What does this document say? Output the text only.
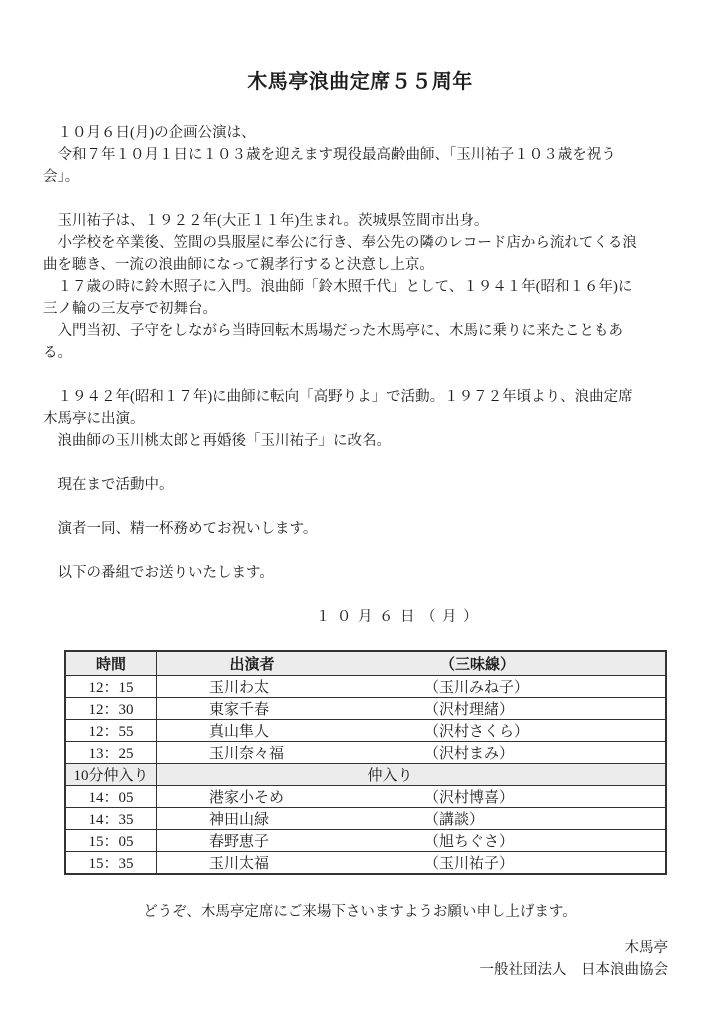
木馬亭浪曲定席５５周年
　１０月６日(月)の企画公演は、
　令和７年１０月１日に１０３歳を迎えます現役最高齢曲師、「玉川祐子１０３歳を祝う
会」。
　玉川祐子は、１９２２年(大正１１年)生まれ。茨城県笠間市出身。
　小学校を卒業後、笠間の呉服屋に奉公に行き、奉公先の隣のレコード店から流れてくる浪
曲を聴き、一流の浪曲師になって親孝行すると決意し上京。
　１７歳の時に鈴木照子に入門。浪曲師「鈴木照千代」として、１９４１年(昭和１６年)に
三ノ輪の三友亭で初舞台。
　入門当初、子守をしながら当時回転木馬場だった木馬亭に、木馬に乗りに来たこともあ
る。
　１９４２年(昭和１７年)に曲師に転向「高野りよ」で活動。１９７２年頃より、浪曲定席
木馬亭に出演。
　浪曲師の玉川桃太郎と再婚後「玉川祐子」に改名。
　現在まで活動中。
　演者一同、精一杯務めてお祝いします。
　以下の番組でお送りいたします。
１０月６日（月）
時間	出演者	（三味線）
12：15	玉川わ太	（玉川みね子）
12：30	東家千春	（沢村理緒）
12：55	真山隼人	（沢村さくら）
13：25	玉川奈々福	（沢村まみ）
10分仲入り	仲入り	
14：05	港家小そめ	（沢村博喜）
14：35	神田山緑	（講談）
15：05	春野恵子	（旭ちぐさ）
15：35	玉川太福	（玉川祐子）
どうぞ、木馬亭定席にご来場下さいますようお願い申し上げます。
木馬亭
一般社団法人　日本浪曲協会
